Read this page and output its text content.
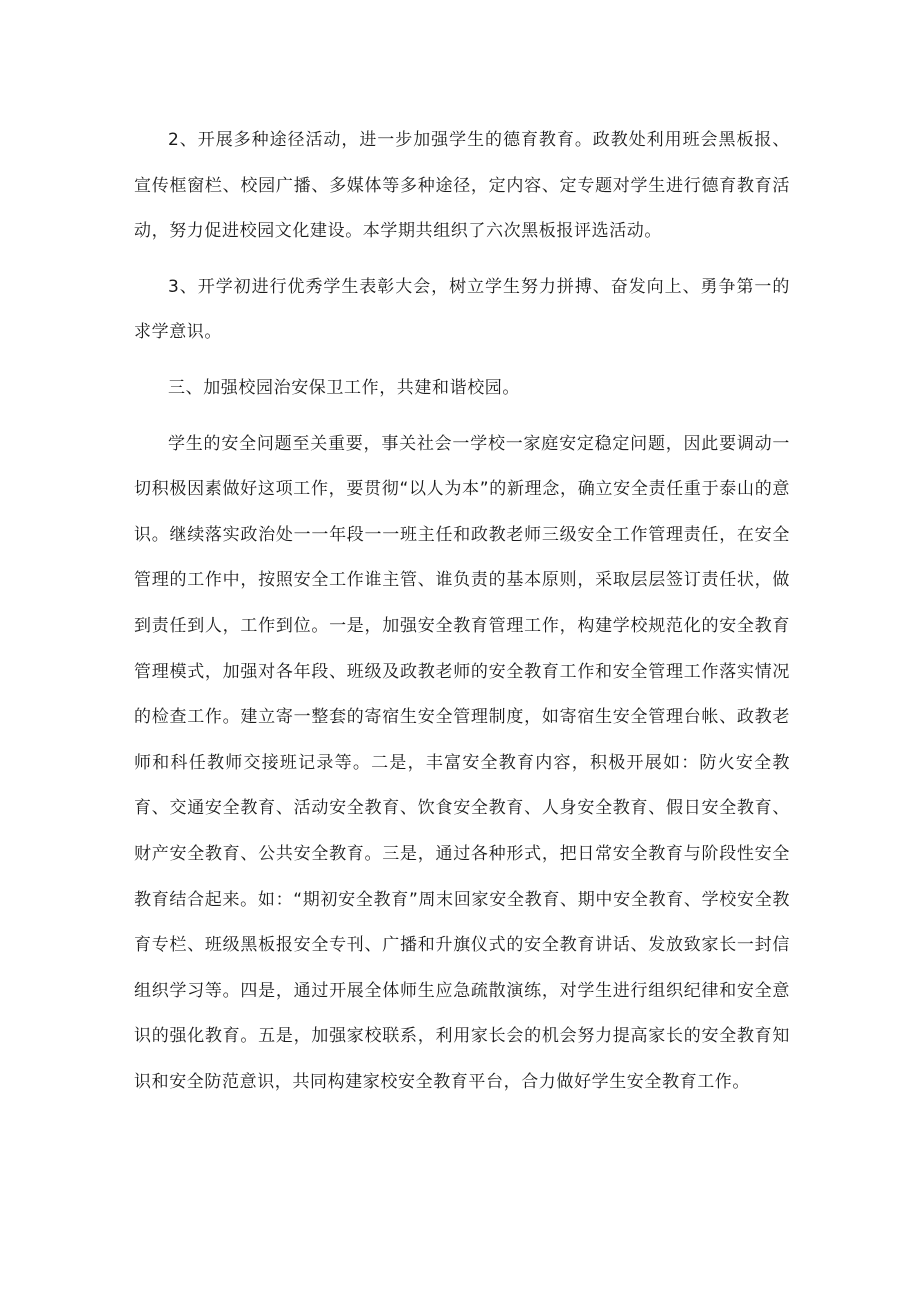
2、开展多种途径活动，进一步加强学生的德育教育。政教处利用班会黑板报、宣传框窗栏、校园广播、多媒体等多种途径，定内容、定专题对学生进行德育教育活动，努力促进校园文化建设。本学期共组织了六次黑板报评选活动。

3、开学初进行优秀学生表彰大会，树立学生努力拼搏、奋发向上、勇争第一的求学意识。

三、加强校园治安保卫工作，共建和谐校园。

学生的安全问题至关重要，事关社会一学校一家庭安定稳定问题，因此要调动一切积极因素做好这项工作，要贯彻“以人为本”的新理念，确立安全责任重于泰山的意识。继续落实政治处一一年段一一班主任和政教老师三级安全工作管理责任，在安全管理的工作中，按照安全工作谁主管、谁负责的基本原则，采取层层签订责任状，做到责任到人，工作到位。一是，加强安全教育管理工作，构建学校规范化的安全教育管理模式，加强对各年段、班级及政教老师的安全教育工作和安全管理工作落实情况的检查工作。建立寄一整套的寄宿生安全管理制度，如寄宿生安全管理台帐、政教老师和科任教师交接班记录等。二是，丰富安全教育内容，积极开展如：防火安全教育、交通安全教育、活动安全教育、饮食安全教育、人身安全教育、假日安全教育、财产安全教育、公共安全教育。三是，通过各种形式，把日常安全教育与阶段性安全教育结合起来。如：“期初安全教育”周末回家安全教育、期中安全教育、学校安全教育专栏、班级黑板报安全专刊、广播和升旗仪式的安全教育讲话、发放致家长一封信组织学习等。四是，通过开展全体师生应急疏散演练，对学生进行组织纪律和安全意识的强化教育。五是，加强家校联系，利用家长会的机会努力提高家长的安全教育知识和安全防范意识，共同构建家校安全教育平台，合力做好学生安全教育工作。
